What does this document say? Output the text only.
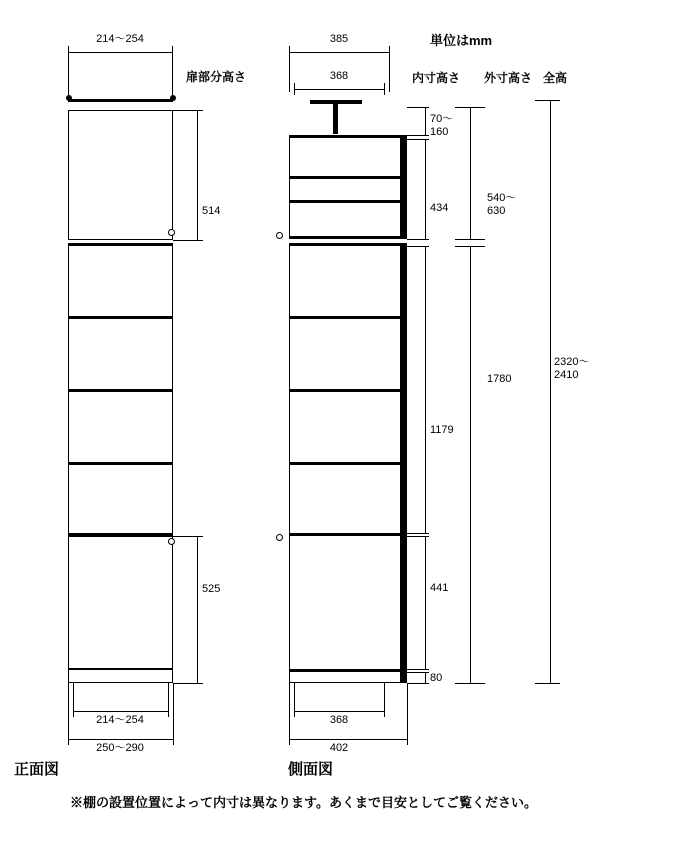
214〜254
扉部分高さ
514
525
214〜254
250〜290
正面図
385
368
単位はmm
内寸高さ 外寸高さ 全高
70〜
160
434
1179
441
80
540〜
630
1780
2320〜
2410
368
402
側面図
※棚の設置位置によって内寸は異なります。あくまで目安としてご覧ください。
